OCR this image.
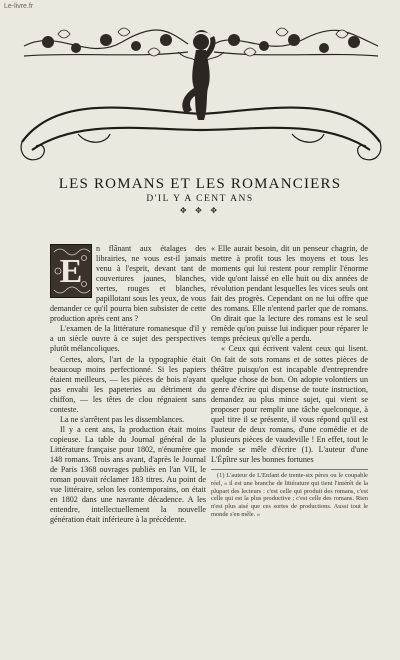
Le-livre.fr
LES ROMANS ET LES ROMANCIERS
D'IL Y A CENT ANS
✥ ✥ ✥
E

n flânant aux étalages des librairies, ne vous est-il jamais venu à l'esprit, devant tant de couvertures jaunes, blanches, vertes, rouges et blanches, papillotant sous les yeux, de vous demander ce qu'il pourra bien subsister de cette production après cent ans ?

L'examen de la littérature romanesque d'il y a un siècle ouvre à ce sujet des perspectives plutôt mélancoliques.

Certes, alors, l'art de la typographie était beaucoup moins perfectionné. Si les papiers étaient meilleurs, — les pièces de bois n'ayant pas envahi les papeteries au détriment du chiffon, — les têtes de clou régnaient sans conteste.

La ne s'arrêtent pas les dissemblances.

Il y a cent ans, la production était moins copieuse. La table du Journal général de la Littérature française pour 1802, n'énumère que 148 romans. Trois ans avant, d'après le Journal de Paris 1368 ouvrages publiés en l'an VII, le roman pouvait réclamer 183 titres. Au point de vue littéraire, selon les contemporains, on était en 1802 dans une navrante décadence. A les entendre, intellectuellement la nouvelle génération était inférieure à la précédente.

« Elle aurait besoin, dit un penseur chagrin, de mettre à profit tous les moyens et tous les moments qui lui restent pour remplir l'énorme vide qu'ont laissé en elle huit ou dix années de révolution pendant lesquelles les vices seuls ont fait des progrès. Cependant on ne lui offre que des romans. Elle n'entend parler que de romans. On dirait que la lecture des romans est le seul remède qu'on puisse lui indiquer pour réparer le temps précieux qu'elle a perdu.

« Ceux qui écrivent valent ceux qui lisent. On fait de sots romans et de sottes pièces de théâtre puisqu'on est incapable d'entreprendre quelque chose de bon. On adopte volontiers un genre d'écrire qui dispense de toute instruction, demandez au plus mince sujet, qui vient se proposer pour remplir une tâche quelconque, à quel titre il se présente, il vous répond qu'il est l'auteur de deux romans, d'une comédie et de plusieurs pièces de vaudeville ! En effet, tout le monde se mêle d'écrire (1). L'auteur d'une L'Épître sur les bonnes fortunes

(1) L'auteur de L'Enfant de trente-six pères ou le coupable réel, « il est une branche de littérature qui tient l'intérêt de la plupart des lecteurs : c'est celle qui produit des romans, c'est celle qui est la plus productive ; c'est celle des romans. Rien n'est plus aisé que ces sortes de productions. Aussi tout le monde s'en mêle. »
